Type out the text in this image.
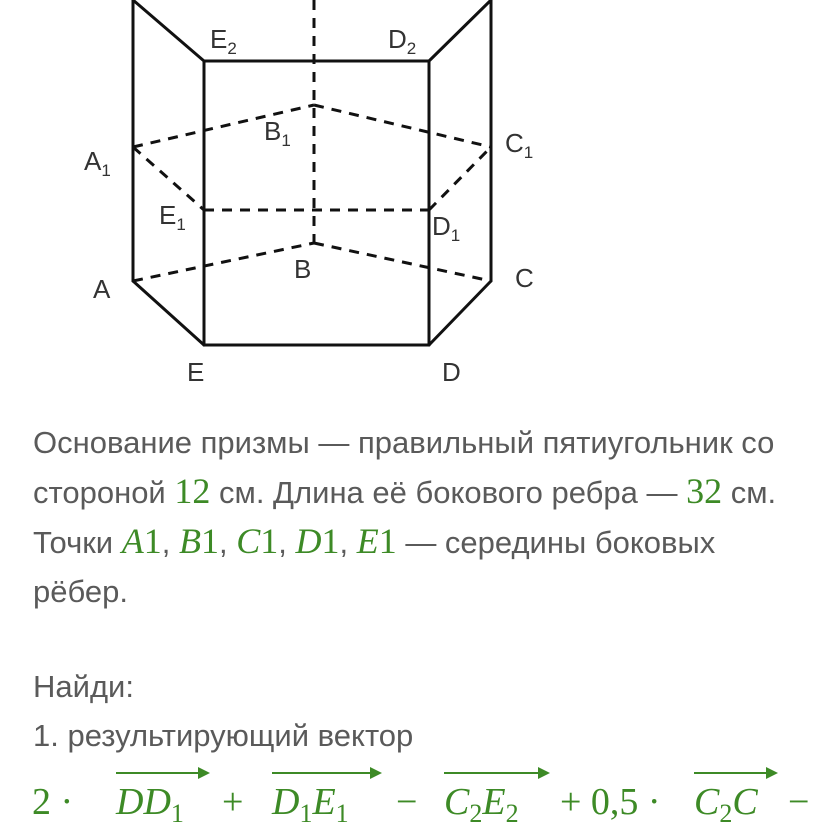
$E_2$	$D_2$
$B_1$
$A_1$
$C_1$
$E_1$	$D_1$
B
A	C
E	D
Основание призмы — правильный пятиугольник со
стороной 12 см. Длина её бокового ребра — 32 см.
Точки A1, B1, C1, D1, E1 — середины боковых
рёбер.
Найди:
1. результирующий вектор
$2 \cdot DD_1 + D_1E_1 - C_2E_2 + 0,5 \cdot C_2C$ −
